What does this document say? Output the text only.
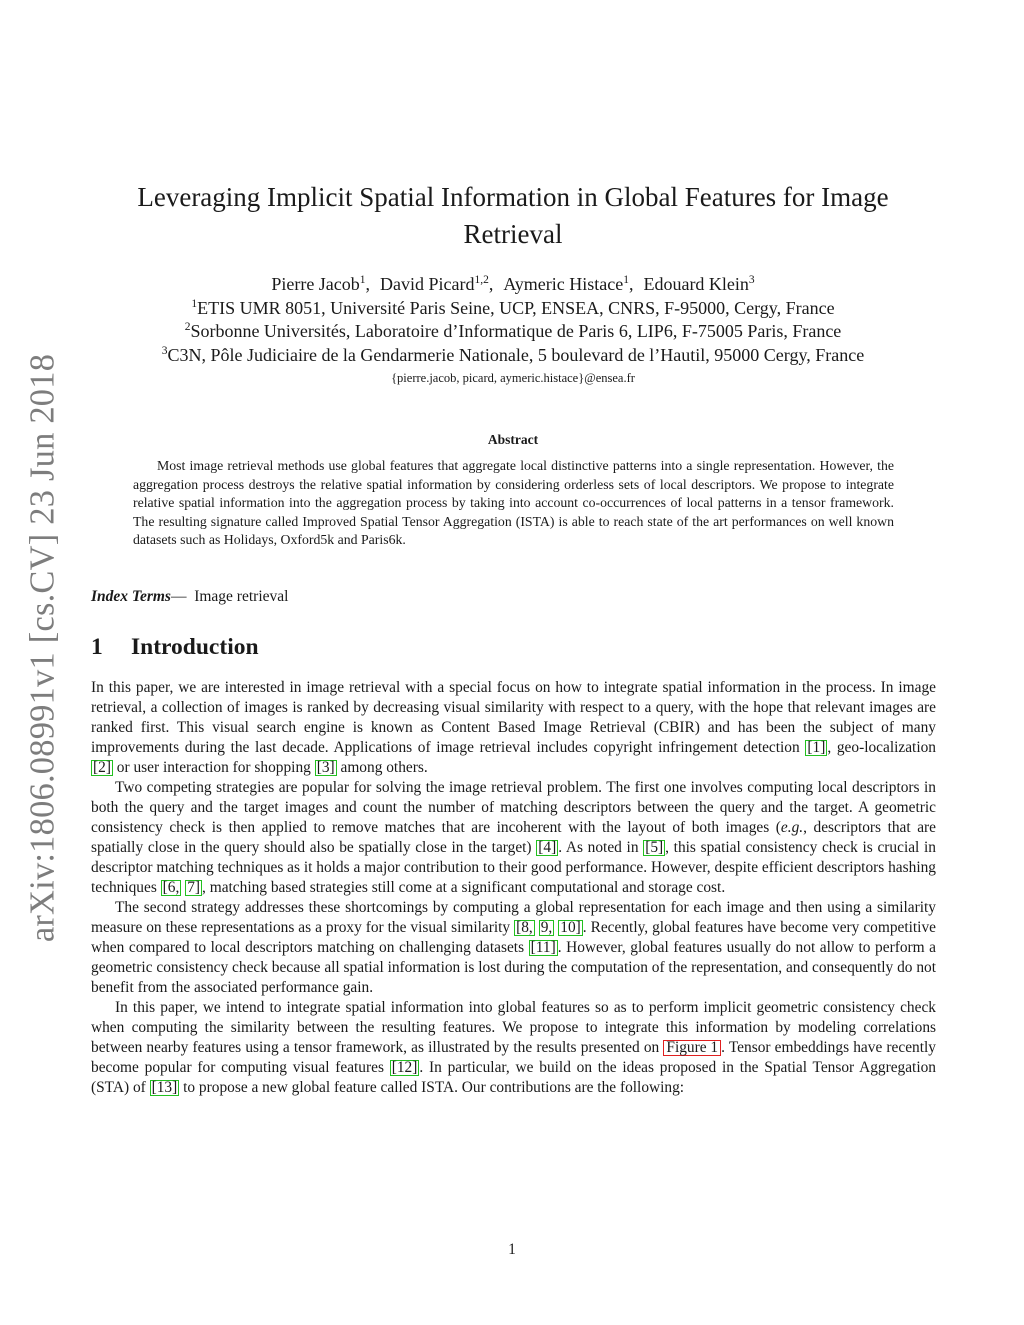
arXiv:1806.08991v1 [cs.CV] 23 Jun 2018
Leveraging Implicit Spatial Information in Global Features for Image
Retrieval
Pierre Jacob$^1$, David Picard$^{1,2}$, Aymeric Histace$^1$, Edouard Klein$^3$
$^1$ETIS UMR 8051, Université Paris Seine, UCP, ENSEA, CNRS, F-95000, Cergy, France
$^2$Sorbonne Universités, Laboratoire d’Informatique de Paris 6, LIP6, F-75005 Paris, France
$^3$C3N, Pôle Judiciaire de la Gendarmerie Nationale, 5 boulevard de l’Hautil, 95000 Cergy, France
{pierre.jacob, picard, aymeric.histace}@ensea.fr
Abstract
Most image retrieval methods use global features that aggregate local distinctive patterns into a single representation. However, the aggregation process destroys the relative spatial information by considering orderless sets of local descriptors. We propose to integrate relative spatial information into the aggregation process by taking into account co-occurrences of local patterns in a tensor framework. The resulting signature called Improved Spatial Tensor Aggregation (ISTA) is able to reach state of the art performances on well known datasets such as Holidays, Oxford5k and Paris6k.
Index Terms— Image retrieval
1 Introduction

In this paper, we are interested in image retrieval with a special focus on how to integrate spatial information in the process. In image retrieval, a collection of images is ranked by decreasing visual similarity with respect to a query, with the hope that relevant images are ranked first. This visual search engine is known as Content Based Image Retrieval (CBIR) and has been the subject of many improvements during the last decade. Applications of image retrieval includes copyright infringement detection [1] , geo-localization [2] or user interaction for shopping [3] among others.

Two competing strategies are popular for solving the image retrieval problem. The first one involves computing local descriptors in both the query and the target images and count the number of matching descriptors between the query and the target. A geometric consistency check is then applied to remove matches that are incoherent with the layout of both images (e.g., descriptors that are spatially close in the query should also be spatially close in the target) [4] . As noted in [5] , this spatial consistency check is crucial in descriptor matching techniques as it holds a major contribution to their good performance. However, despite efficient descriptors hashing techniques [6, 7] , matching based strategies still come at a significant computational and storage cost.

The second strategy addresses these shortcomings by computing a global representation for each image and then using a similarity measure on these representations as a proxy for the visual similarity [8, 9, 10] . Recently, global features have become very competitive when compared to local descriptors matching on challenging datasets [11] . However, global features usually do not allow to perform a geometric consistency check because all spatial information is lost during the computation of the representation, and consequently do not benefit from the associated performance gain.

In this paper, we intend to integrate spatial information into global features so as to perform implicit geometric consistency check when computing the similarity between the resulting features. We propose to integrate this information by modeling correlations between nearby features using a tensor framework, as illustrated by the results presented on Figure 1 . Tensor embeddings have recently become popular for computing visual features [12] . In particular, we build on the ideas proposed in the Spatial Tensor Aggregation (STA) of [13] to propose a new global feature called ISTA. Our contributions are the following:

1
